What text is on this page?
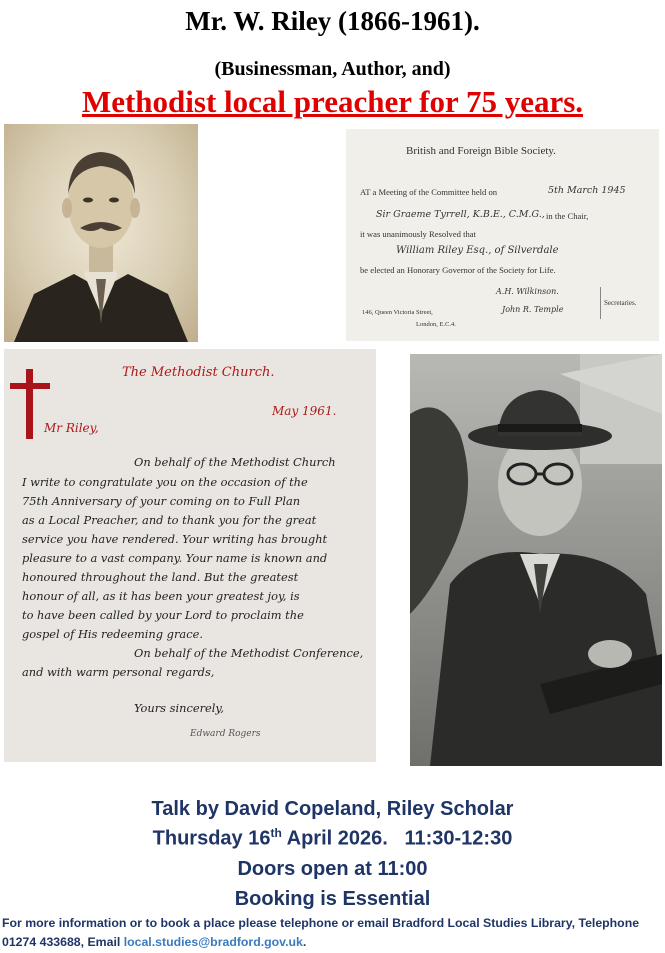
Mr. W. Riley (1866-1961).
(Businessman, Author, and)
Methodist local preacher for 75 years.
British and Foreign Bible Society.
AT a Meeting of the Committee held on	5th March 1945
Sir Graeme Tyrrell, K.B.E., C.M.G., in the Chair,
it was unanimously Resolved that
William Riley Esq., of Silverdale
be elected an Honorary Governor of the Society for Life.
A.H. Wilkinson.
John R. Temple
Secretaries.
146, Queen Victoria Street,
London, E.C.4.
The Methodist Church.
May 1961.
Mr Riley,
On behalf of the Methodist Church
I write to congratulate you on the occasion of the
75th Anniversary of your coming on to Full Plan
as a Local Preacher, and to thank you for the great
service you have rendered. Your writing has brought
pleasure to a vast company. Your name is known and
honoured throughout the land. But the greatest
honour of all, as it has been your greatest joy, is
to have been called by your Lord to proclaim the
gospel of His redeeming grace.
On behalf of the Methodist Conference,
and with warm personal regards,
Yours sincerely,
Edward Rogers
Talk by David Copeland, Riley Scholar
Thursday 16th April 2026.   11:30-12:30
Doors open at 11:00
Booking is Essential
For more information or to book a place please telephone or email Bradford Local Studies Library, Telephone 01274 433688, Email local.studies@bradford.gov.uk.
